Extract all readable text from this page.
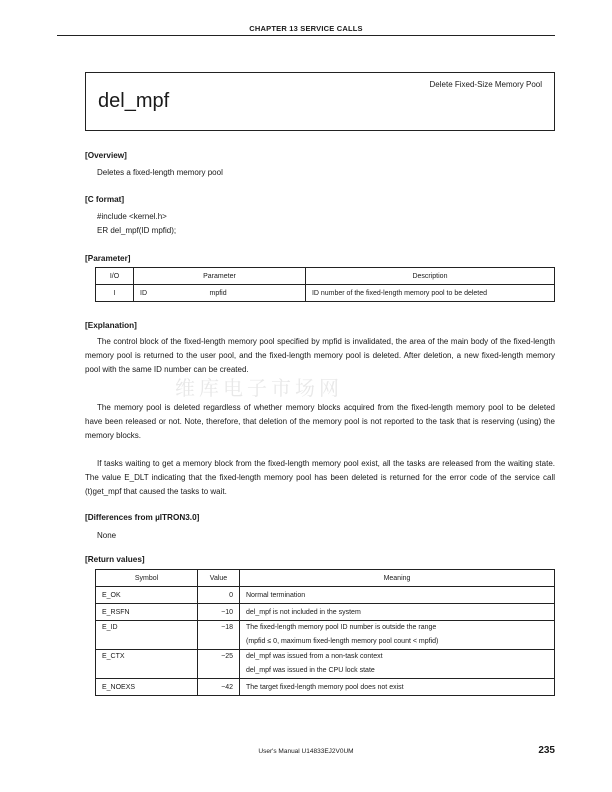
CHAPTER 13 SERVICE CALLS
del_mpf
Delete Fixed-Size Memory Pool
[Overview]
Deletes a fixed-length memory pool
[C format]
#include <kernel.h>
ER del_mpf(ID mpfid);
[Parameter]
I/O	Parameter		Description
I	ID	mpfid	ID number of the fixed-length memory pool to be deleted
[Explanation]
The control block of the fixed-length memory pool specified by mpfid is invalidated, the area of the main body of the fixed-length memory pool is returned to the user pool, and the fixed-length memory pool is deleted. After deletion, a new fixed-length memory pool with the same ID number can be created.
维库电子市场网
The memory pool is deleted regardless of whether memory blocks acquired from the fixed-length memory pool to be deleted have been released or not. Note, therefore, that deletion of the memory pool is not reported to the task that is reserving (using) the memory blocks.
If tasks waiting to get a memory block from the fixed-length memory pool exist, all the tasks are released from the waiting state. The value E_DLT indicating that the fixed-length memory pool has been deleted is returned for the error code of the service call (t)get_mpf that caused the tasks to wait.
[Differences from µITRON3.0]
None
[Return values]
Symbol	Value	Meaning
E_OK	0	Normal termination
E_RSFN	−10	del_mpf is not included in the system
E_ID	−18	The fixed-length memory pool ID number is outside the range
(mpfid ≤ 0, maximum fixed-length memory pool count < mpfid)

E_CTX	−25	del_mpf was issued from a non-task context
del_mpf was issued in the CPU lock state

E_NOEXS	−42	The target fixed-length memory pool does not exist
User's Manual U14833EJ2V0UM	235
